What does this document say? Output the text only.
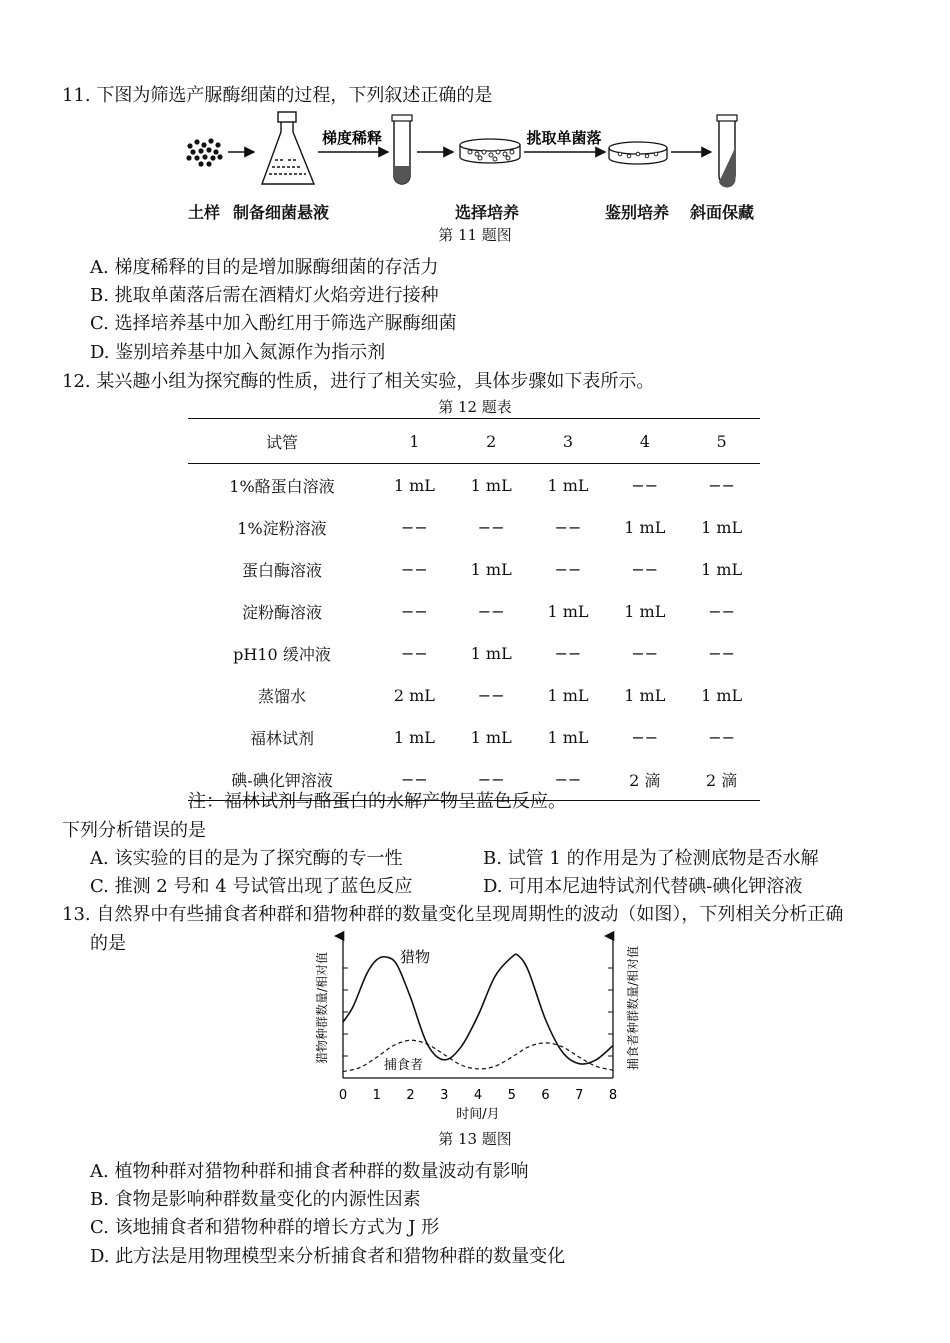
11. 下图为筛选产脲酶细菌的过程，下列叙述正确的是
梯度稀释	挑取单菌落
土样 制备细菌悬液	选择培养	鉴别培养 斜面保藏
第 11 题图
A. 梯度稀释的目的是增加脲酶细菌的存活力
B. 挑取单菌落后需在酒精灯火焰旁进行接种
C. 选择培养基中加入酚红用于筛选产脲酶细菌
D. 鉴别培养基中加入氮源作为指示剂
12. 某兴趣小组为探究酶的性质，进行了相关实验，具体步骤如下表所示。
第 12 题表
试管	1	2	3	4	5
1%酪蛋白溶液	1 mL	1 mL	1 mL	−−	−−
1%淀粉溶液	−−	−−	−−	1 mL	1 mL
蛋白酶溶液	−−	1 mL	−−	−−	1 mL
淀粉酶溶液	−−	−−	1 mL	1 mL	−−
pH10 缓冲液	−−	1 mL	−−	−−	−−
蒸馏水	2 mL	−−	1 mL	1 mL	1 mL
福林试剂	1 mL	1 mL	1 mL	−−	−−
碘-碘化钾溶液	−−	−−	−−	2 滴	2 滴
注：福林试剂与酪蛋白的水解产物呈蓝色反应。
下列分析错误的是
A. 该实验的目的是为了探究酶的专一性	B. 试管 1 的作用是为了检测底物是否水解
C. 推测 2 号和 4 号试管出现了蓝色反应	D. 可用本尼迪特试剂代替碘-碘化钾溶液
13. 自然界中有些捕食者种群和猎物种群的数量变化呈现周期性的波动（如图），下列相关分析正确
的是
猎物
捕食者
0 1 2 3 4 5 6 7 8
时间/月
猎物种群数量/相对值	捕食者种群数量/相对值
第 13 题图
A. 植物种群对猎物种群和捕食者种群的数量波动有影响
B. 食物是影响种群数量变化的内源性因素
C. 该地捕食者和猎物种群的增长方式为 J 形
D. 此方法是用物理模型来分析捕食者和猎物种群的数量变化
